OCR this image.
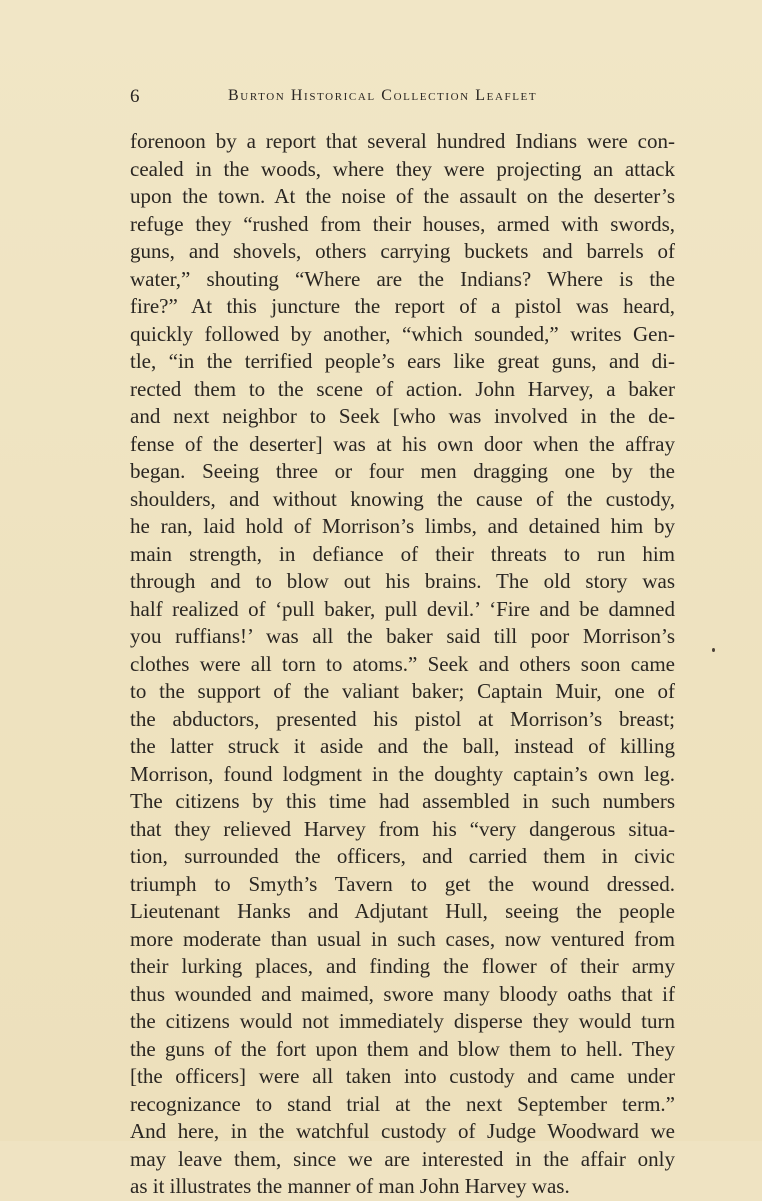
6	Burton Historical Collection Leaflet
forenoon by a report that several hundred Indians were con-
cealed in the woods, where they were projecting an attack
upon the town. At the noise of the assault on the deserter’s
refuge they “rushed from their houses, armed with swords,
guns, and shovels, others carrying buckets and barrels of
water,” shouting “Where are the Indians? Where is the
fire?” At this juncture the report of a pistol was heard,
quickly followed by another, “which sounded,” writes Gen-
tle, “in the terrified people’s ears like great guns, and di-
rected them to the scene of action. John Harvey, a baker
and next neighbor to Seek [who was involved in the de-
fense of the deserter] was at his own door when the affray
began. Seeing three or four men dragging one by the
shoulders, and without knowing the cause of the custody,
he ran, laid hold of Morrison’s limbs, and detained him by
main strength, in defiance of their threats to run him
through and to blow out his brains. The old story was
half realized of ‘pull baker, pull devil.’ ‘Fire and be damned
you ruffians!’ was all the baker said till poor Morrison’s
clothes were all torn to atoms.” Seek and others soon came
to the support of the valiant baker; Captain Muir, one of
the abductors, presented his pistol at Morrison’s breast;
the latter struck it aside and the ball, instead of killing
Morrison, found lodgment in the doughty captain’s own leg.
The citizens by this time had assembled in such numbers
that they relieved Harvey from his “very dangerous situa-
tion, surrounded the officers, and carried them in civic
triumph to Smyth’s Tavern to get the wound dressed.
Lieutenant Hanks and Adjutant Hull, seeing the people
more moderate than usual in such cases, now ventured from
their lurking places, and finding the flower of their army
thus wounded and maimed, swore many bloody oaths that if
the citizens would not immediately disperse they would turn
the guns of the fort upon them and blow them to hell. They
[the officers] were all taken into custody and came under
recognizance to stand trial at the next September term.”
And here, in the watchful custody of Judge Woodward we
may leave them, since we are interested in the affair only
as it illustrates the manner of man John Harvey was.
